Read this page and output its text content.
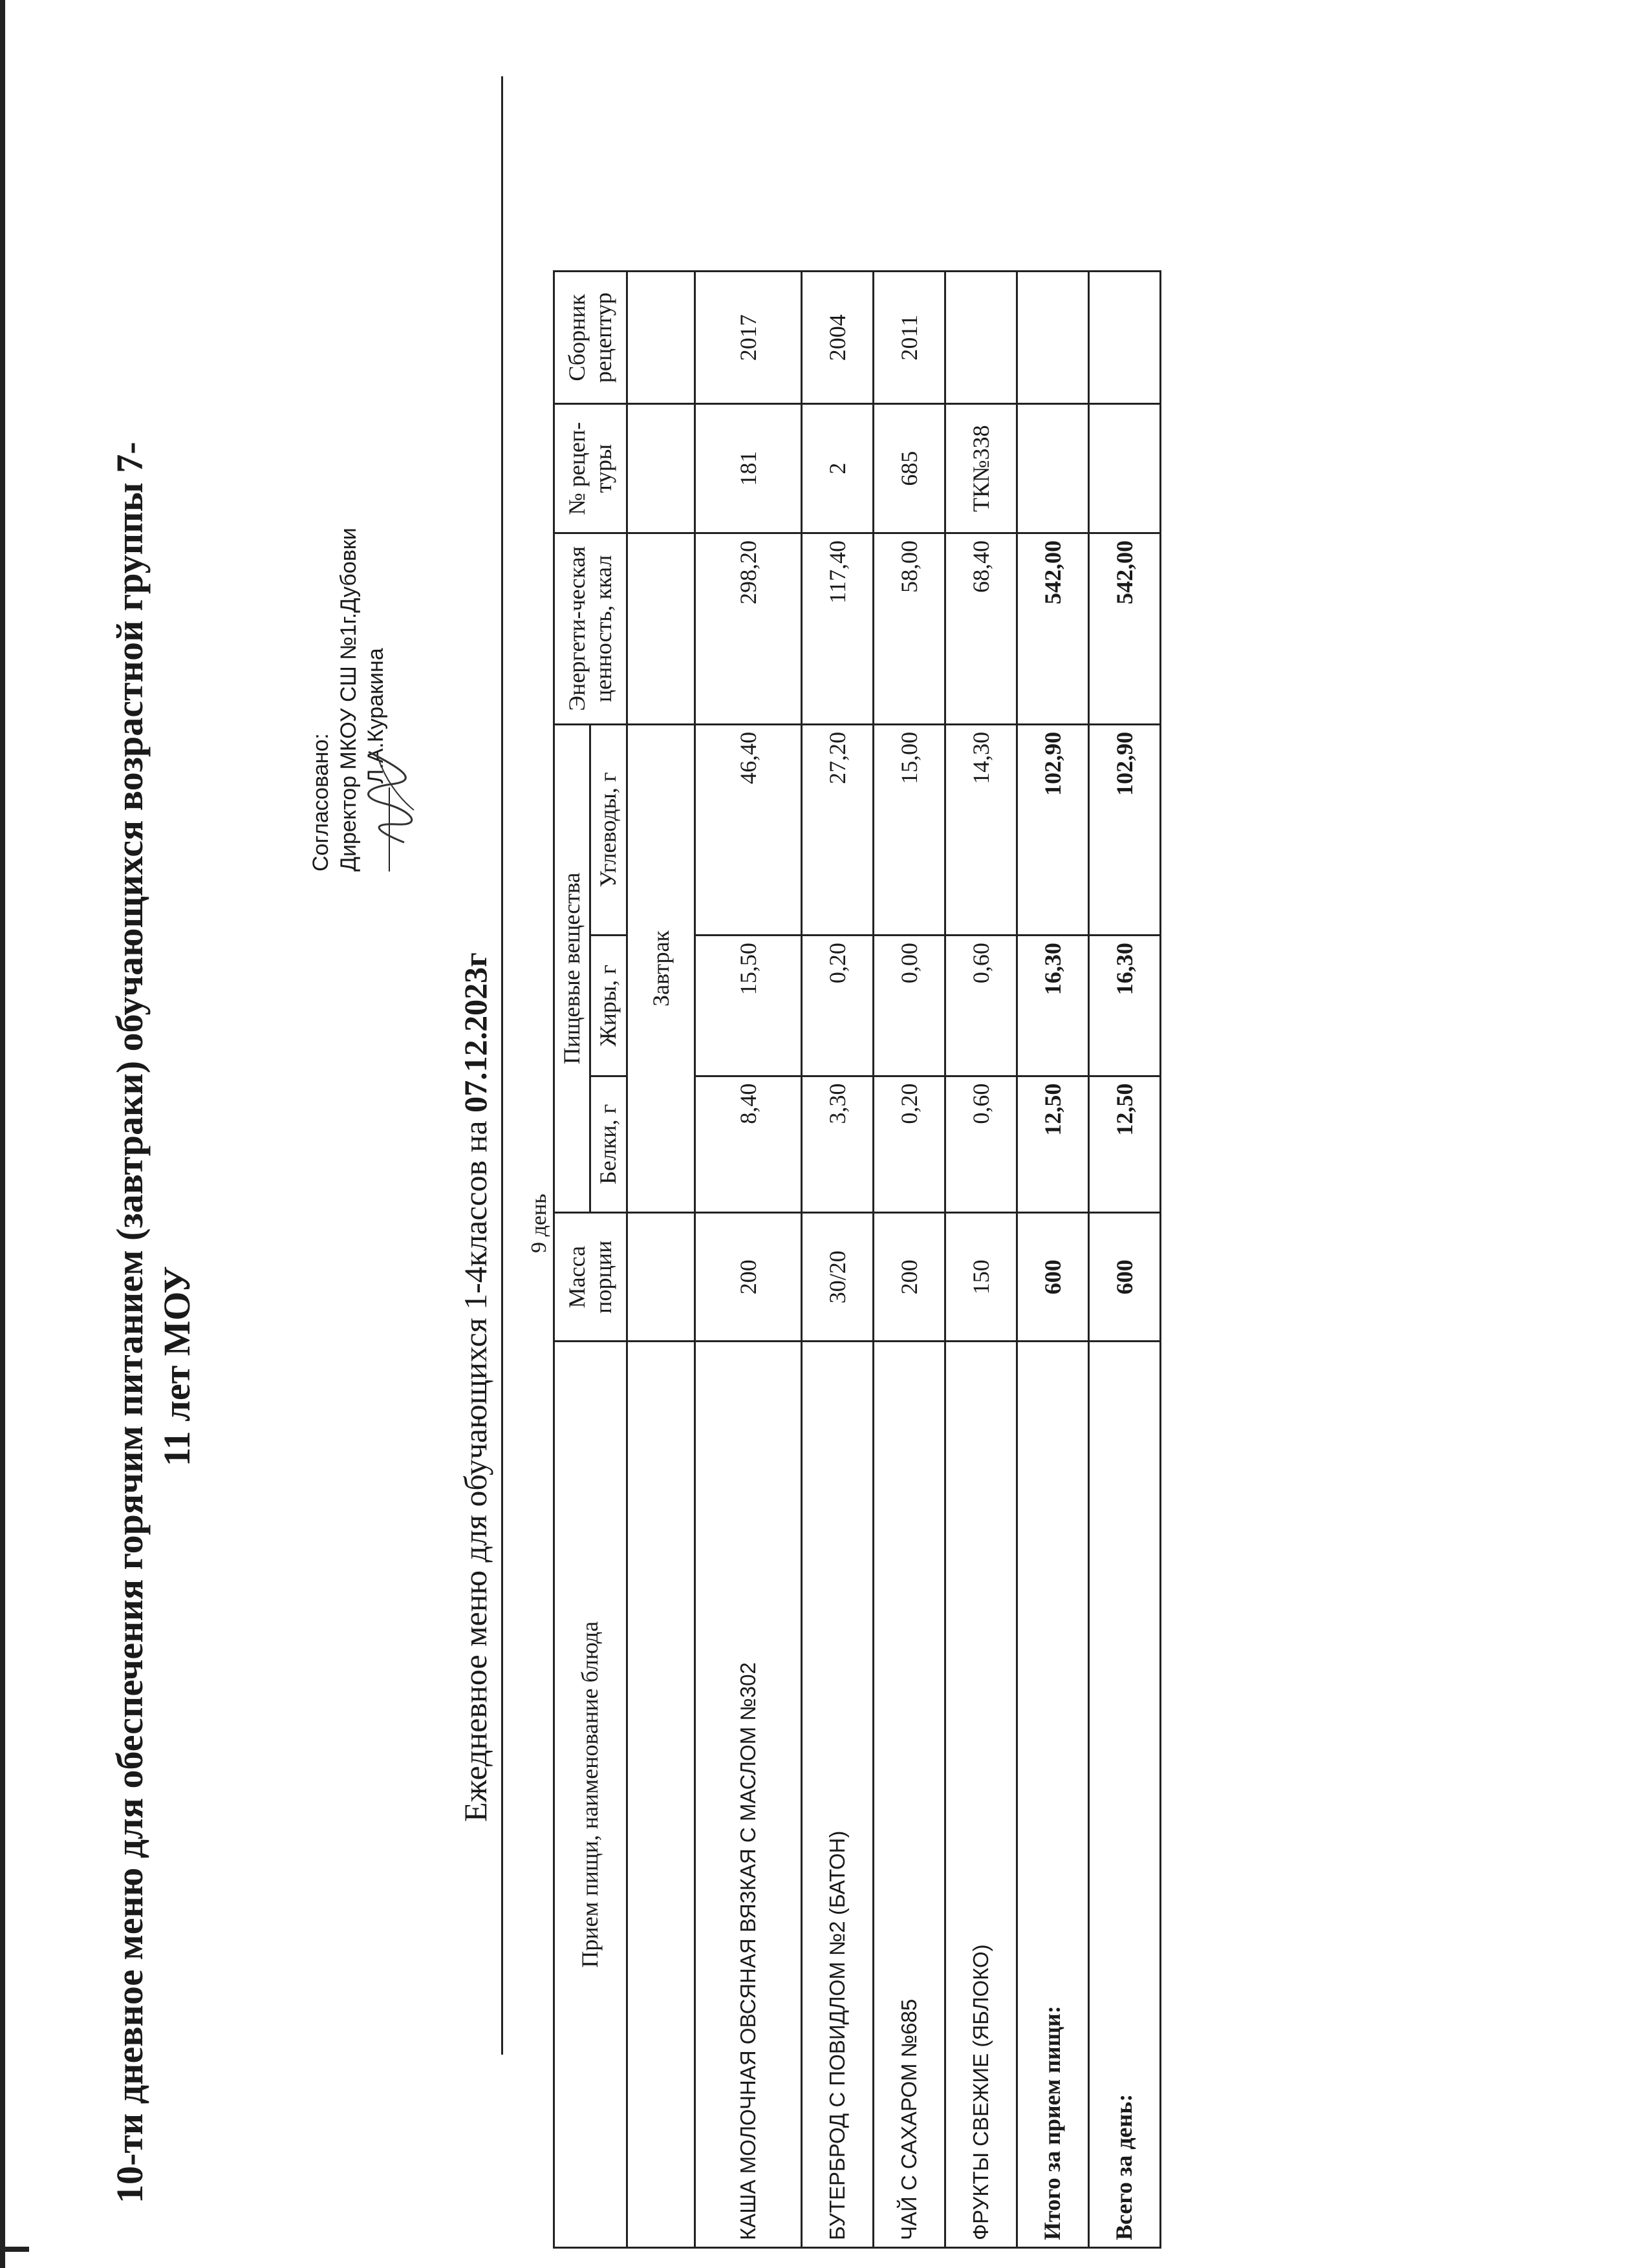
10-ти дневное меню для обеспечения горячим питанием (завтраки) обучающихся возрастной группы 7- 11 лет МОУ
Согласовано: Директор МКОУ СШ №1г.Дубовки Л.А.Куракина
Ежедневное меню для обучающихся 1-4классов на 07.12.2023г
9 день
Прием пищи, наименование блюда	Масса порции	Пищевые вещества			Энергети-ческая ценность, ккал	№ рецеп-туры	Сборник рецептур
		Белки, г	Жиры, г	Углеводы, г			
		Завтрак					
КАША МОЛОЧНАЯ ОВСЯНАЯ ВЯЗКАЯ С МАСЛОМ №302	200	8,40	15,50	46,40	298,20	181	2017
БУТЕРБРОД С ПОВИДЛОМ №2 (БАТОН)	30/20	3,30	0,20	27,20	117,40	2	2004
ЧАЙ С САХАРОМ №685	200	0,20	0,00	15,00	58,00	685	2011
ФРУКТЫ СВЕЖИЕ (ЯБЛОКО)	150	0,60	0,60	14,30	68,40	ТК№338	
Итого за прием пищи:	600	12,50	16,30	102,90	542,00		
Всего за день:	600	12,50	16,30	102,90	542,00		
